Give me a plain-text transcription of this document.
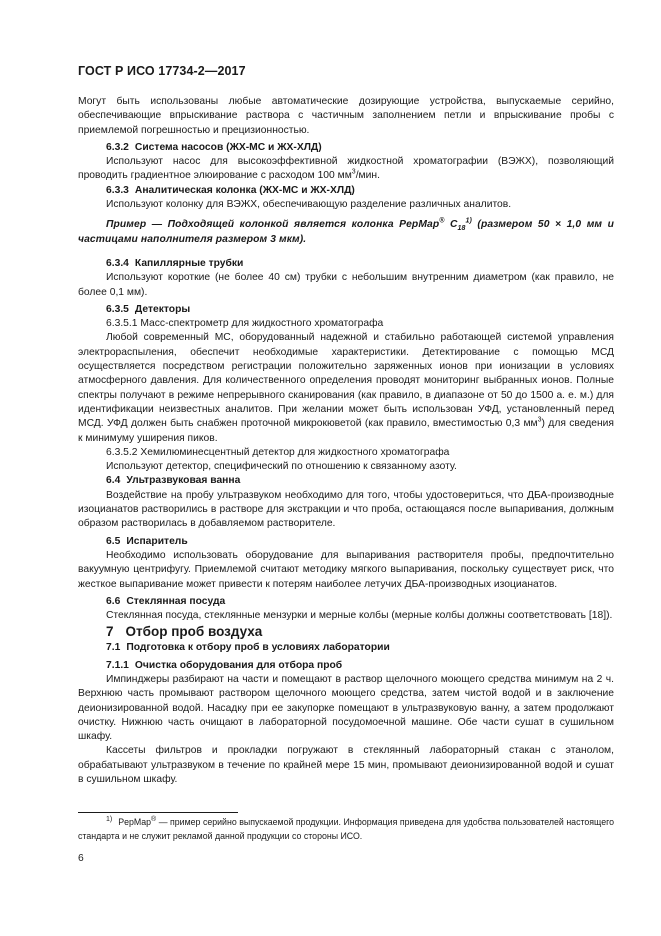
ГОСТ Р ИСО 17734-2—2017

Могут быть использованы любые автоматические дозирующие устройства, выпускаемые серийно, обеспечивающие впрыскивание раствора с частичным заполнением петли и впрыскивание пробы с приемлемой погрешностью и прецизионностью.

6.3.2 Система насосов (ЖХ-МС и ЖХ-ХЛД)

Используют насос для высокоэффективной жидкостной хроматографии (ВЭЖХ), позволяющий проводить градиентное элюирование с расходом 100 $мм^3$/мин.

6.3.3 Аналитическая колонка (ЖХ-МС и ЖХ-ХЛД)

Используют колонку для ВЭЖХ, обеспечивающую разделение различных аналитов.

Пример — Подходящей колонкой является колонка PepMap® $C_{18}^{1)}$ (размером 50 × 1,0 мм и частицами наполнителя размером 3 мкм).

6.3.4 Капиллярные трубки

Используют короткие (не более 40 см) трубки с небольшим внутренним диаметром (как правило, не более 0,1 мм).

6.3.5 Детекторы

6.3.5.1 Масс-спектрометр для жидкостного хроматографа

Любой современный МС, оборудованный надежной и стабильно работающей системой управления электрораспыления, обеспечит необходимые характеристики. Детектирование с помощью МСД осуществляется посредством регистрации положительно заряженных ионов при ионизации в условиях атмосферного давления. Для количественного определения проводят мониторинг выбранных ионов. Полные спектры получают в режиме непрерывного сканирования (как правило, в диапазоне от 50 до 1500 а. е. м.) для идентификации неизвестных аналитов. При желании может быть использован УФД, установленный перед МСД. УФД должен быть снабжен проточной микрокюветой (как правило, вместимостью 0,3 $мм^3$) для сведения к минимуму уширения пиков.

6.3.5.2 Хемилюминесцентный детектор для жидкостного хроматографа

Используют детектор, специфический по отношению к связанному азоту.

6.4 Ультразвуковая ванна

Воздействие на пробу ультразвуком необходимо для того, чтобы удостовериться, что ДБА-производные изоцианатов растворились в растворе для экстракции и что проба, остающаяся после выпаривания, должным образом растворилась в добавляемом растворителе.

6.5 Испаритель

Необходимо использовать оборудование для выпаривания растворителя пробы, предпочтительно вакуумную центрифугу. Приемлемой считают методику мягкого выпаривания, поскольку существует риск, что жесткое выпаривание может привести к потерям наиболее летучих ДБА-производных изоцианатов.

6.6 Стеклянная посуда

Стеклянная посуда, стеклянные мензурки и мерные колбы (мерные колбы должны соответствовать [18]).

7 Отбор проб воздуха

7.1 Подготовка к отбору проб в условиях лаборатории

7.1.1 Очистка оборудования для отбора проб

Импинджеры разбирают на части и помещают в раствор щелочного моющего средства минимум на 2 ч. Верхнюю часть промывают раствором щелочного моющего средства, затем чистой водой и в заключение деионизированной водой. Насадку при ее закупорке помещают в ультразвуковую ванну, а затем продолжают очистку. Нижнюю часть очищают в лабораторной посудомоечной машине. Обе части сушат в сушильном шкафу.

Кассеты фильтров и прокладки погружают в стеклянный лабораторный стакан с этанолом, обрабатывают ультразвуком в течение по крайней мере 15 мин, промывают деионизированной водой и сушат в сушильном шкафу.

1) PepMap® — пример серийно выпускаемой продукции. Информация приведена для удобства пользователей настоящего стандарта и не служит рекламой данной продукции со стороны ИСО.
6
